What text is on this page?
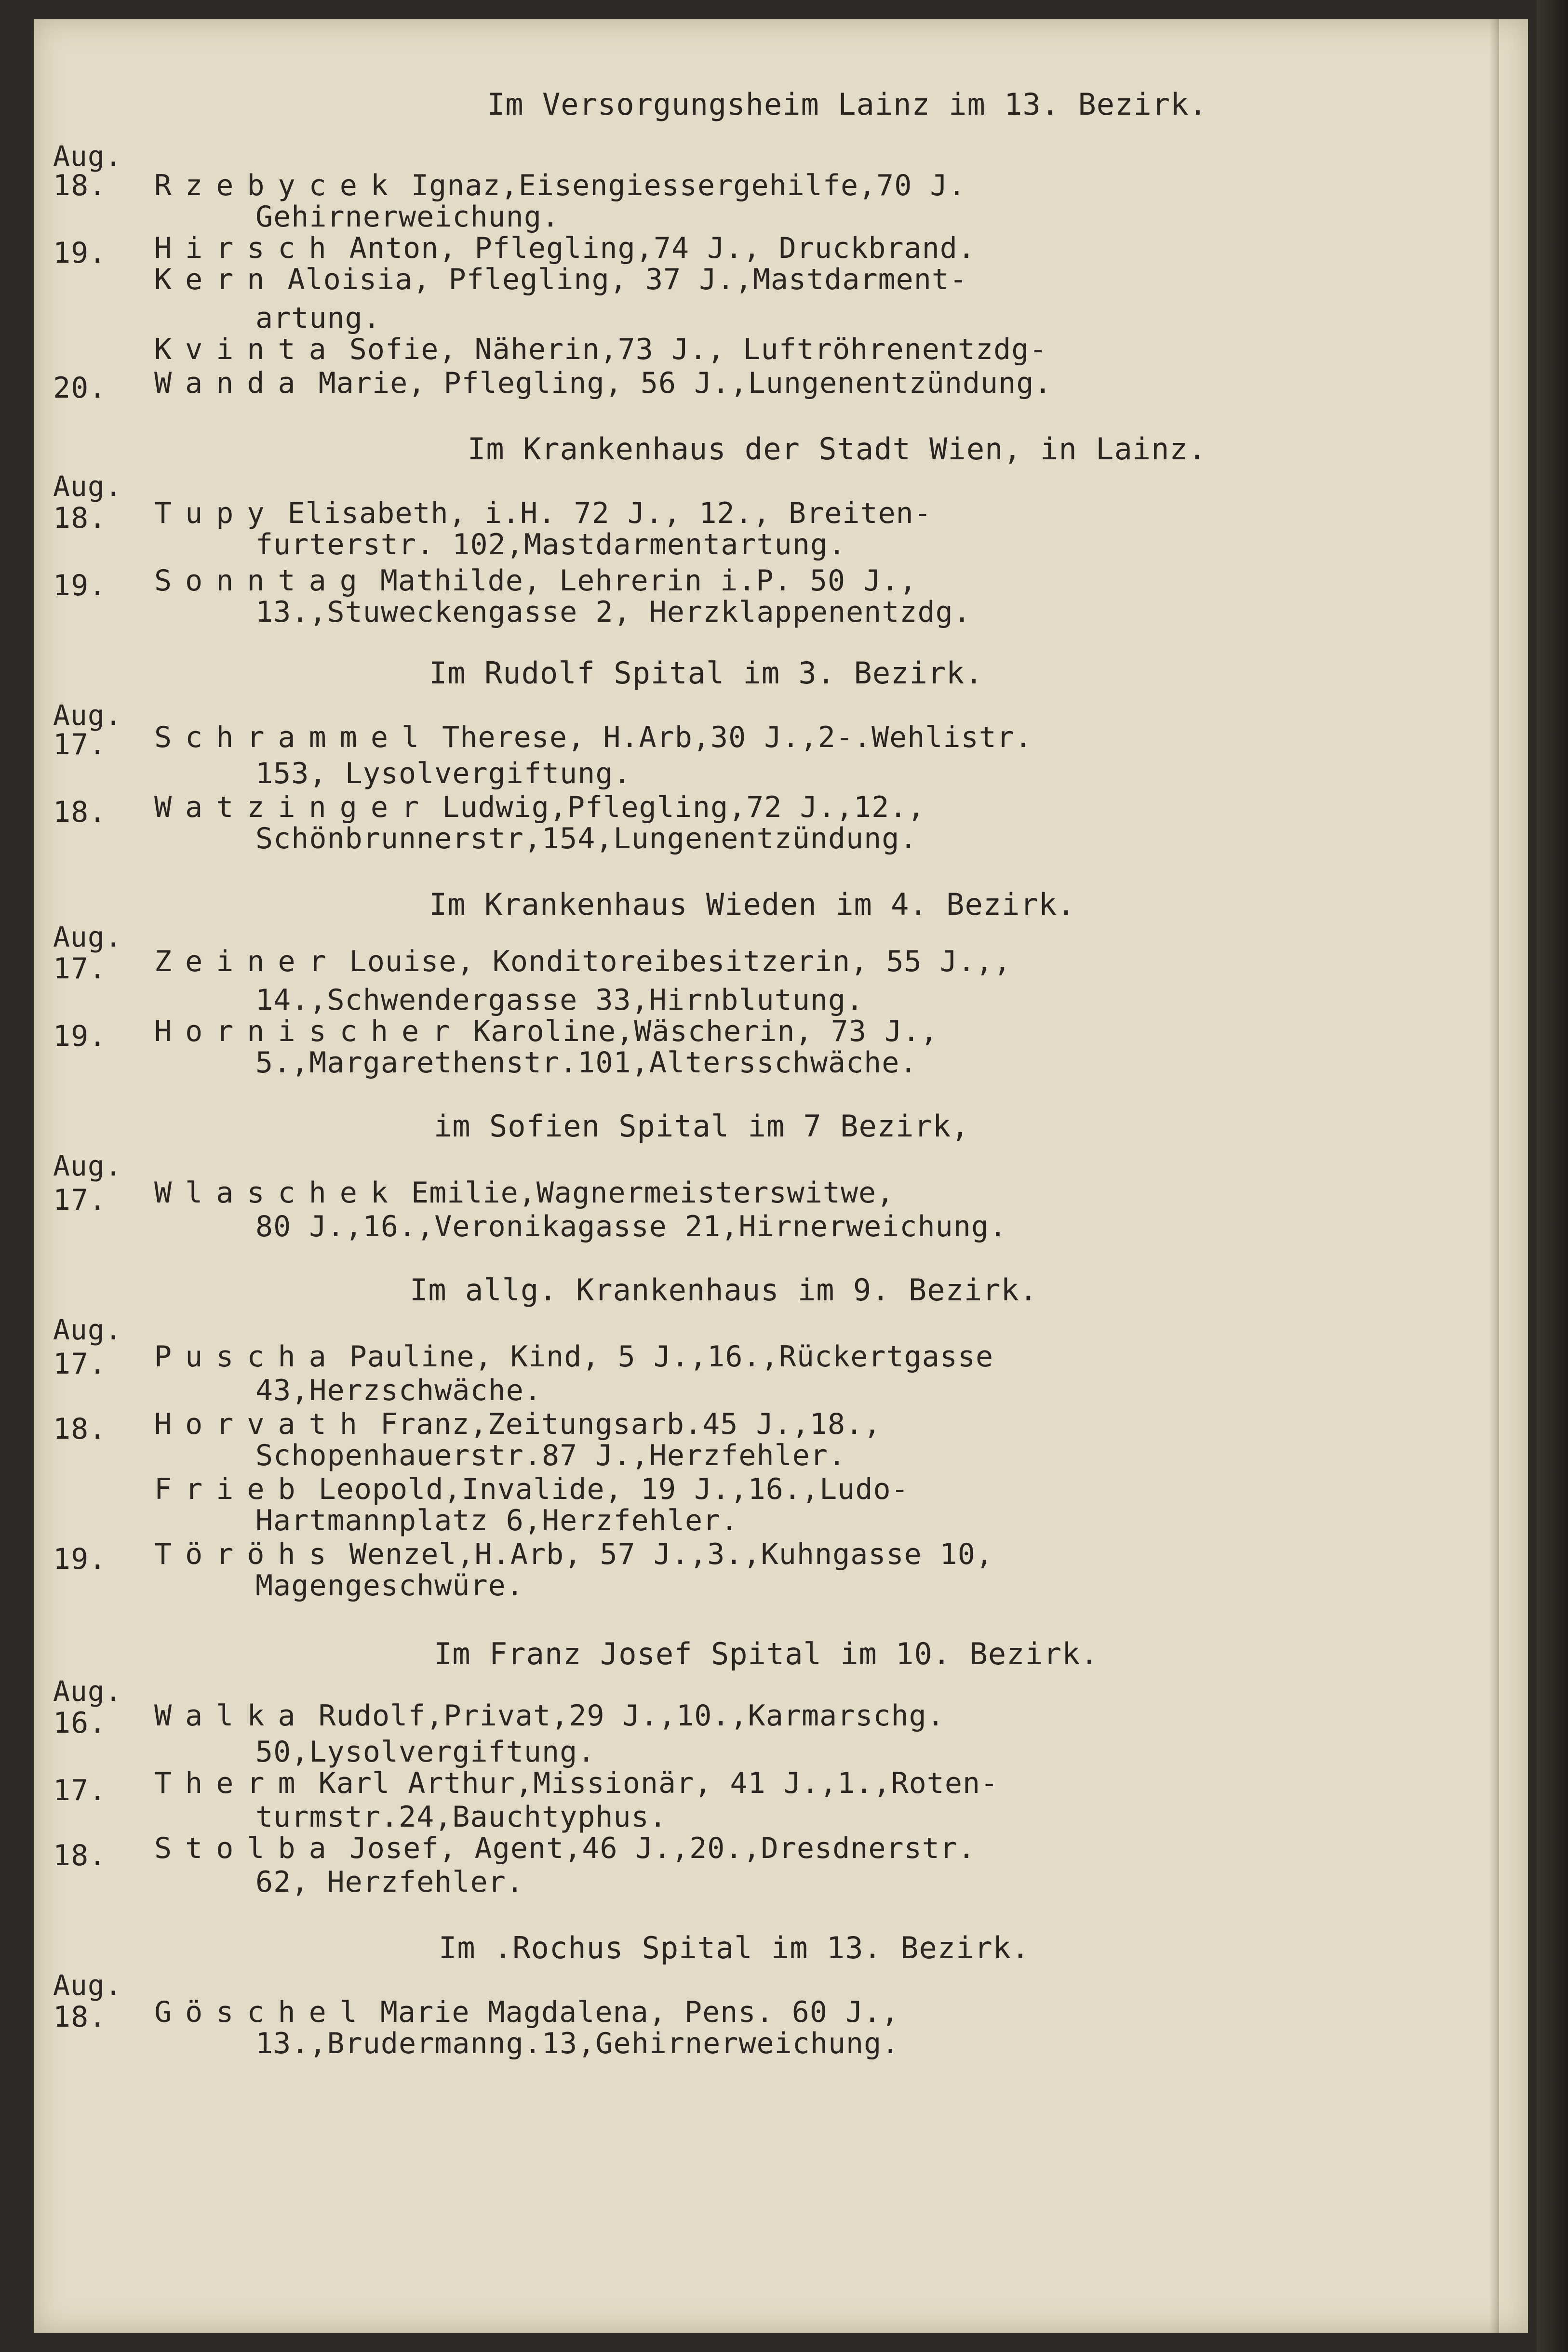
Im Versorgungsheim Lainz im 13. Bezirk.
Aug.
18. Rzebycek Ignaz,Eisengiessergehilfe,70 J.
Gehirnerweichung.
19. Hirsch Anton, Pflegling,74 J., Druckbrand.
Kern Aloisia, Pflegling, 37 J.,Mastdarment-
artung.
Kvinta Sofie, Näherin,73 J., Luftröhrenentzdg-
20. Wanda Marie, Pflegling, 56 J.,Lungenentzündung.
Im Krankenhaus der Stadt Wien, in Lainz.
Aug.
18. Tupy Elisabeth, i.H. 72 J., 12., Breiten-
furterstr. 102,Mastdarmentartung.
19. Sonntag Mathilde, Lehrerin i.P. 50 J.,
13.,Stuweckengasse 2, Herzklappenentzdg.
Im Rudolf Spital im 3. Bezirk.
Aug.
17. Schrammel Therese, H.Arb,30 J.,2-.Wehlistr.
153, Lysolvergiftung.
18. Watzinger Ludwig,Pflegling,72 J.,12.,
Schönbrunnerstr,154,Lungenentzündung.
Im Krankenhaus Wieden im 4. Bezirk.
Aug.
17. Zeiner Louise, Konditoreibesitzerin, 55 J.,,
14.,Schwendergasse 33,Hirnblutung.
19. Hornischer Karoline,Wäscherin, 73 J.,
5.,Margarethenstr.101,Altersschwäche.
im Sofien Spital im 7 Bezirk,
Aug.
17. Wlaschek Emilie,Wagnermeisterswitwe,
80 J.,16.,Veronikagasse 21,Hirnerweichung.
Im allg. Krankenhaus im 9. Bezirk.
Aug.
17. Puscha Pauline, Kind, 5 J.,16.,Rückertgasse
43,Herzschwäche.
18. Horvath Franz,Zeitungsarb.45 J.,18.,
Schopenhauerstr.87 J.,Herzfehler.
Frieb Leopold,Invalide, 19 J.,16.,Ludo-
Hartmannplatz 6,Herzfehler.
19. Töröhs Wenzel,H.Arb, 57 J.,3.,Kuhngasse 10,
Magengeschwüre.
Im Franz Josef Spital im 10. Bezirk.
Aug.
16. Walka Rudolf,Privat,29 J.,10.,Karmarschg.
50,Lysolvergiftung.
17. Therm Karl Arthur,Missionär, 41 J.,1.,Roten-
turmstr.24,Bauchtyphus.
18. Stolba Josef, Agent,46 J.,20.,Dresdnerstr.
62, Herzfehler.
Im .Rochus Spital im 13. Bezirk.
Aug.
18. Göschel Marie Magdalena, Pens. 60 J.,
13.,Brudermanng.13,Gehirnerweichung.
